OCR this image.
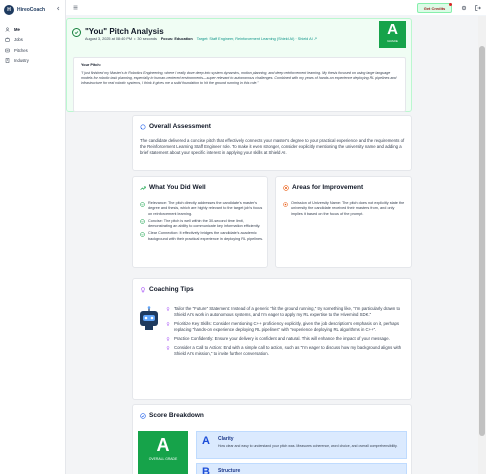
H	HireoCoach
Me
Jobs
Pitches
Industry
Get Credits
"You" Pitch Analysis
August 3, 2025 at 08:40 PM • 30 seconds Focus: Education Target: Staff Engineer, Reinforcement Learning (Shield AI) · Shield AI ↗
A
GRADE
Your Pitch:
"I just finished my Master's in Robotics Engineering, where I really dove deep into system dynamics, motion planning, and deep reinforcement learning. My thesis focused on using large language models for robotic task planning, especially in human-centered environments—super relevant to autonomous challenges. Combined with my years of hands-on experience deploying RL pipelines and infrastructure for real robotic systems, I think it gives me a solid foundation to hit the ground running in this role."
Overall Assessment
The candidate delivered a concise pitch that effectively connects your master's degree to your practical experience and the requirements of the Reinforcement Learning Staff Engineer role. To make it even stronger, consider explicitly mentioning the university name and adding a brief statement about your specific interest in applying your skills at Shield AI.
What You Did Well
Relevance: The pitch directly addresses the candidate's master's degree and thesis, which are highly relevant to the target job's focus on reinforcement learning.
Concise: The pitch is well within the 30-second time limit, demonstrating an ability to communicate key information efficiently.
Clear Connection: It effectively bridges the candidate's academic background with their practical experience in deploying RL pipelines.
Areas for Improvement
Omission of University Name: The pitch does not explicitly state the university the candidate received their masters from, and only implies it based on the focus of the prompt.
Coaching Tips
Tailor the "Future" Statement: Instead of a generic "hit the ground running," try something like, "I'm particularly drawn to Shield AI's work in autonomous systems, and I'm eager to apply my RL expertise to the Hivemind SDK."
Prioritize Key Skills: Consider mentioning C++ proficiency explicitly, given the job description's emphasis on it, perhaps replacing "hands-on experience deploying RL pipelines" with "experience deploying RL algorithms in C++".
Practice Confidently: Ensure your delivery is confident and natural. This will enhance the impact of your message.
Consider a Call to Action: End with a simple call to action, such as "I'm eager to discuss how my background aligns with Shield AI's mission," to invite further conversation.
Score Breakdown
A
OVERALL GRADE
A Clarity
How clear and easy to understand your pitch was. Measures coherence, word choice, and overall comprehensibility.
B Structure
